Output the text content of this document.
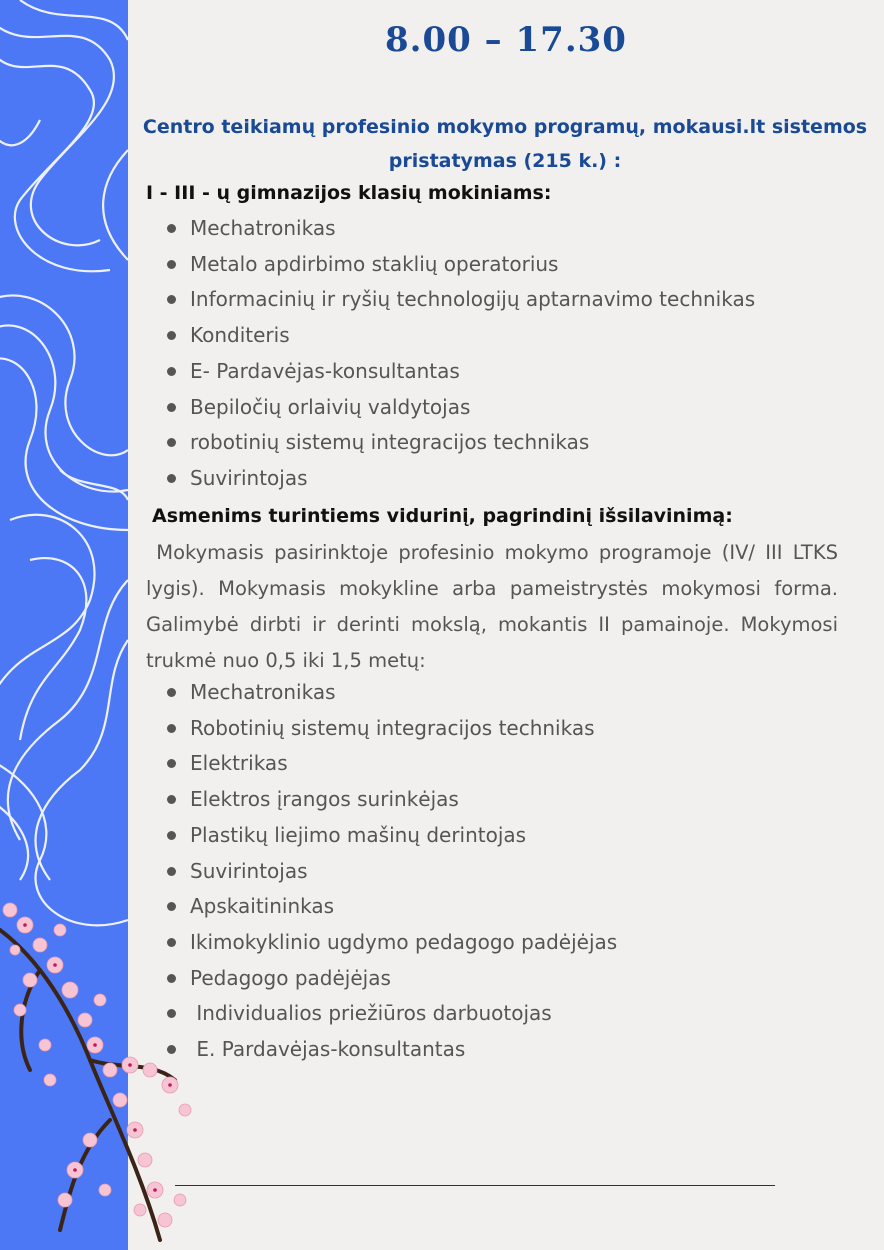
8.00 – 17.30

Centro teikiamų profesinio mokymo programų, mokausi.lt sistemos pristatymas (215 k.) :

I - III - ų gimnazijos klasių mokiniams:
Mechatronikas
Metalo apdirbimo staklių operatorius
Informacinių ir ryšių technologijų aptarnavimo technikas
Konditeris
E- Pardavėjas-konsultantas
Bepiločių orlaivių valdytojas
robotinių sistemų integracijos technikas
Suvirintojas
Asmenims turintiems vidurinį, pagrindinį išsilavinimą:

Mokymasis pasirinktoje profesinio mokymo programoje (IV/ III LTKS lygis). Mokymasis mokykline arba pameistrystės mokymosi forma. Galimybė dirbti ir derinti mokslą, mokantis II pamainoje. Mokymosi trukmė nuo 0,5 iki 1,5 metų:

Mechatronikas
Robotinių sistemų integracijos technikas
Elektrikas
Elektros įrangos surinkėjas
Plastikų liejimo mašinų derintojas
Suvirintojas
Apskaitininkas
Ikimokyklinio ugdymo pedagogo padėjėjas
Pedagogo padėjėjas
Individualios priežiūros darbuotojas
E. Pardavėjas-konsultantas
